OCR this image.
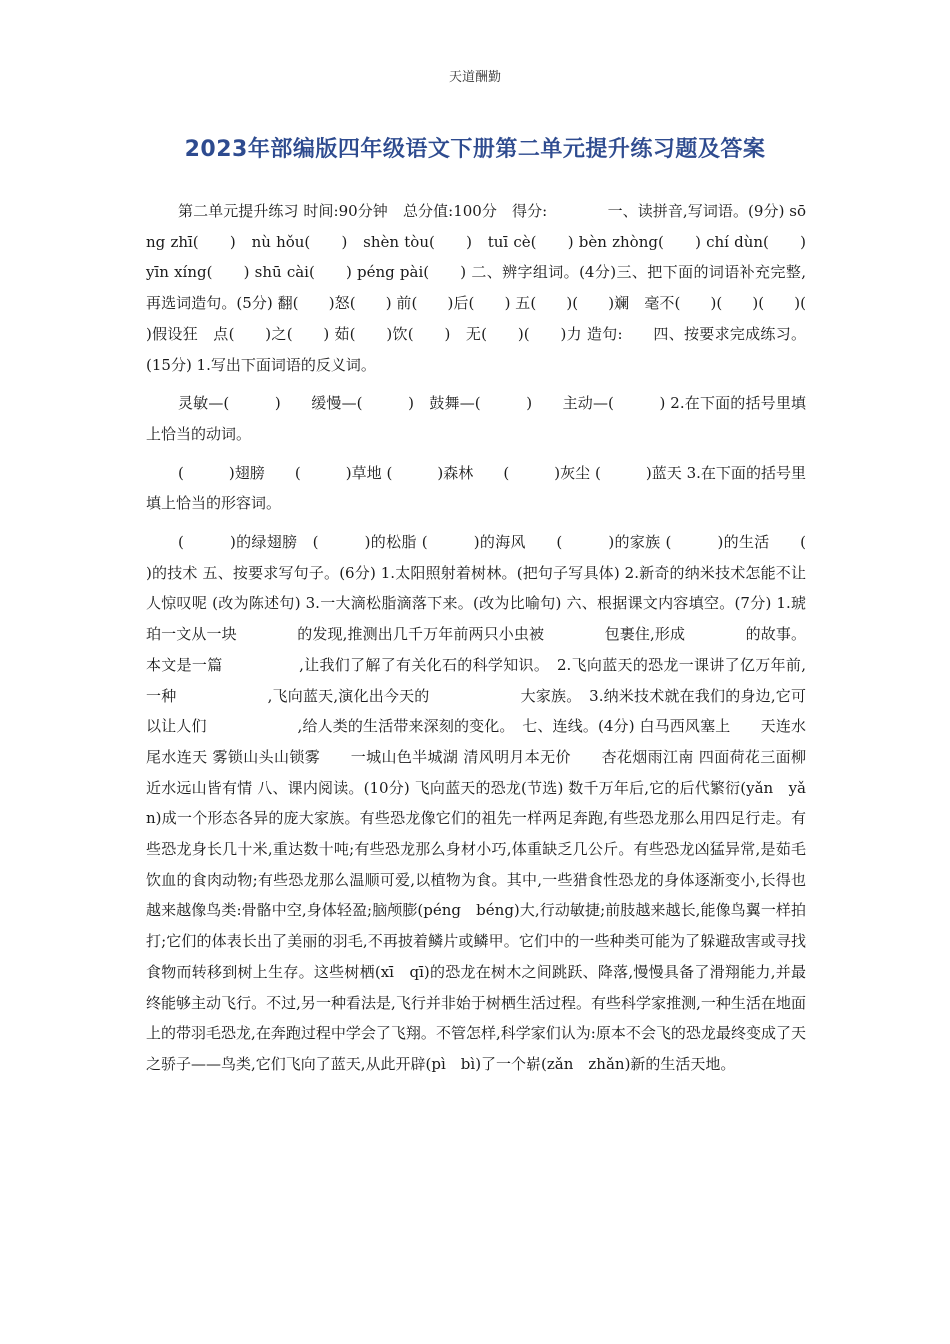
天道酬勤
2023年部编版四年级语文下册第二单元提升练习题及答案

第二单元提升练习 时间:90分钟　总分值:100分　得分:　　　　一、读拼音,写词语。(9分) sōng zhī(　　)　nù hǒu(　　)　shèn tòu(　　)　tuī cè(　　) bèn zhòng(　　) chí dùn(　　) yīn xíng(　　) shū cài(　　) péng pài(　　) 二、辨字组词。(4分)三、把下面的词语补充完整,再选词造句。(5分) 翻(　　)怒(　　) 前(　　)后(　　) 五(　　)(　　)斓　毫不(　　)(　　)(　　)(　　)假设狂　点(　　)之(　　) 茹(　　)饮(　　)　无(　　)(　　)力 造句:　　四、按要求完成练习。(15分) 1.写出下面词语的反义词。

灵敏—(　　　)　　缓慢—(　　　)　鼓舞—(　　　)　　主动—(　　　) 2.在下面的括号里填上恰当的动词。

(　　　)翅膀　　(　　　)草地 (　　　)森林　　(　　　)灰尘 (　　　)蓝天 3.在下面的括号里填上恰当的形容词。

(　　　)的绿翅膀　(　　　)的松脂 (　　　)的海风　　(　　　)的家族 (　　　)的生活　　(　　　)的技术 五、按要求写句子。(6分) 1.太阳照射着树林。(把句子写具体) 2.新奇的纳米技术怎能不让人惊叹呢 (改为陈述句) 3.一大滴松脂滴落下来。(改为比喻句) 六、根据课文内容填空。(7分) 1.琥珀一文从一块　　　　的发现,推测出几千万年前两只小虫被　　　　包裹住,形成　　　　的故事。本文是一篇　　　　　,让我们了解了有关化石的科学知识。　2.飞向蓝天的恐龙一课讲了亿万年前,一种　　　　　　,飞向蓝天,演化出今天的　　　　　　大家族。　3.纳米技术就在我们的身边,它可以让人们　　　　　　,给人类的生活带来深刻的变化。　七、连线。(4分) 白马西风塞上　　天连水尾水连天 雾锁山头山锁雾　　一城山色半城湖 清风明月本无价　　杏花烟雨江南 四面荷花三面柳　　近水远山皆有情 八、课内阅读。(10分) 飞向蓝天的恐龙(节选) 数千万年后,它的后代繁衍(yǎn　yǎn)成一个形态各异的庞大家族。有些恐龙像它们的祖先一样两足奔跑,有些恐龙那么用四足行走。有些恐龙身长几十米,重达数十吨;有些恐龙那么身材小巧,体重缺乏几公斤。有些恐龙凶猛异常,是茹毛饮血的食肉动物;有些恐龙那么温顺可爱,以植物为食。其中,一些猎食性恐龙的身体逐渐变小,长得也越来越像鸟类:骨骼中空,身体轻盈;脑颅膨(péng　béng)大,行动敏捷;前肢越来越长,能像鸟翼一样拍打;它们的体表长出了美丽的羽毛,不再披着鳞片或鳞甲。它们中的一些种类可能为了躲避敌害或寻找食物而转移到树上生存。这些树栖(xī　qī)的恐龙在树木之间跳跃、降落,慢慢具备了滑翔能力,并最终能够主动飞行。不过,另一种看法是,飞行并非始于树栖生活过程。有些科学家推测,一种生活在地面上的带羽毛恐龙,在奔跑过程中学会了飞翔。不管怎样,科学家们认为:原本不会飞的恐龙最终变成了天之骄子——鸟类,它们飞向了蓝天,从此开辟(pì　bì)了一个崭(zǎn　zhǎn)新的生活天地。
